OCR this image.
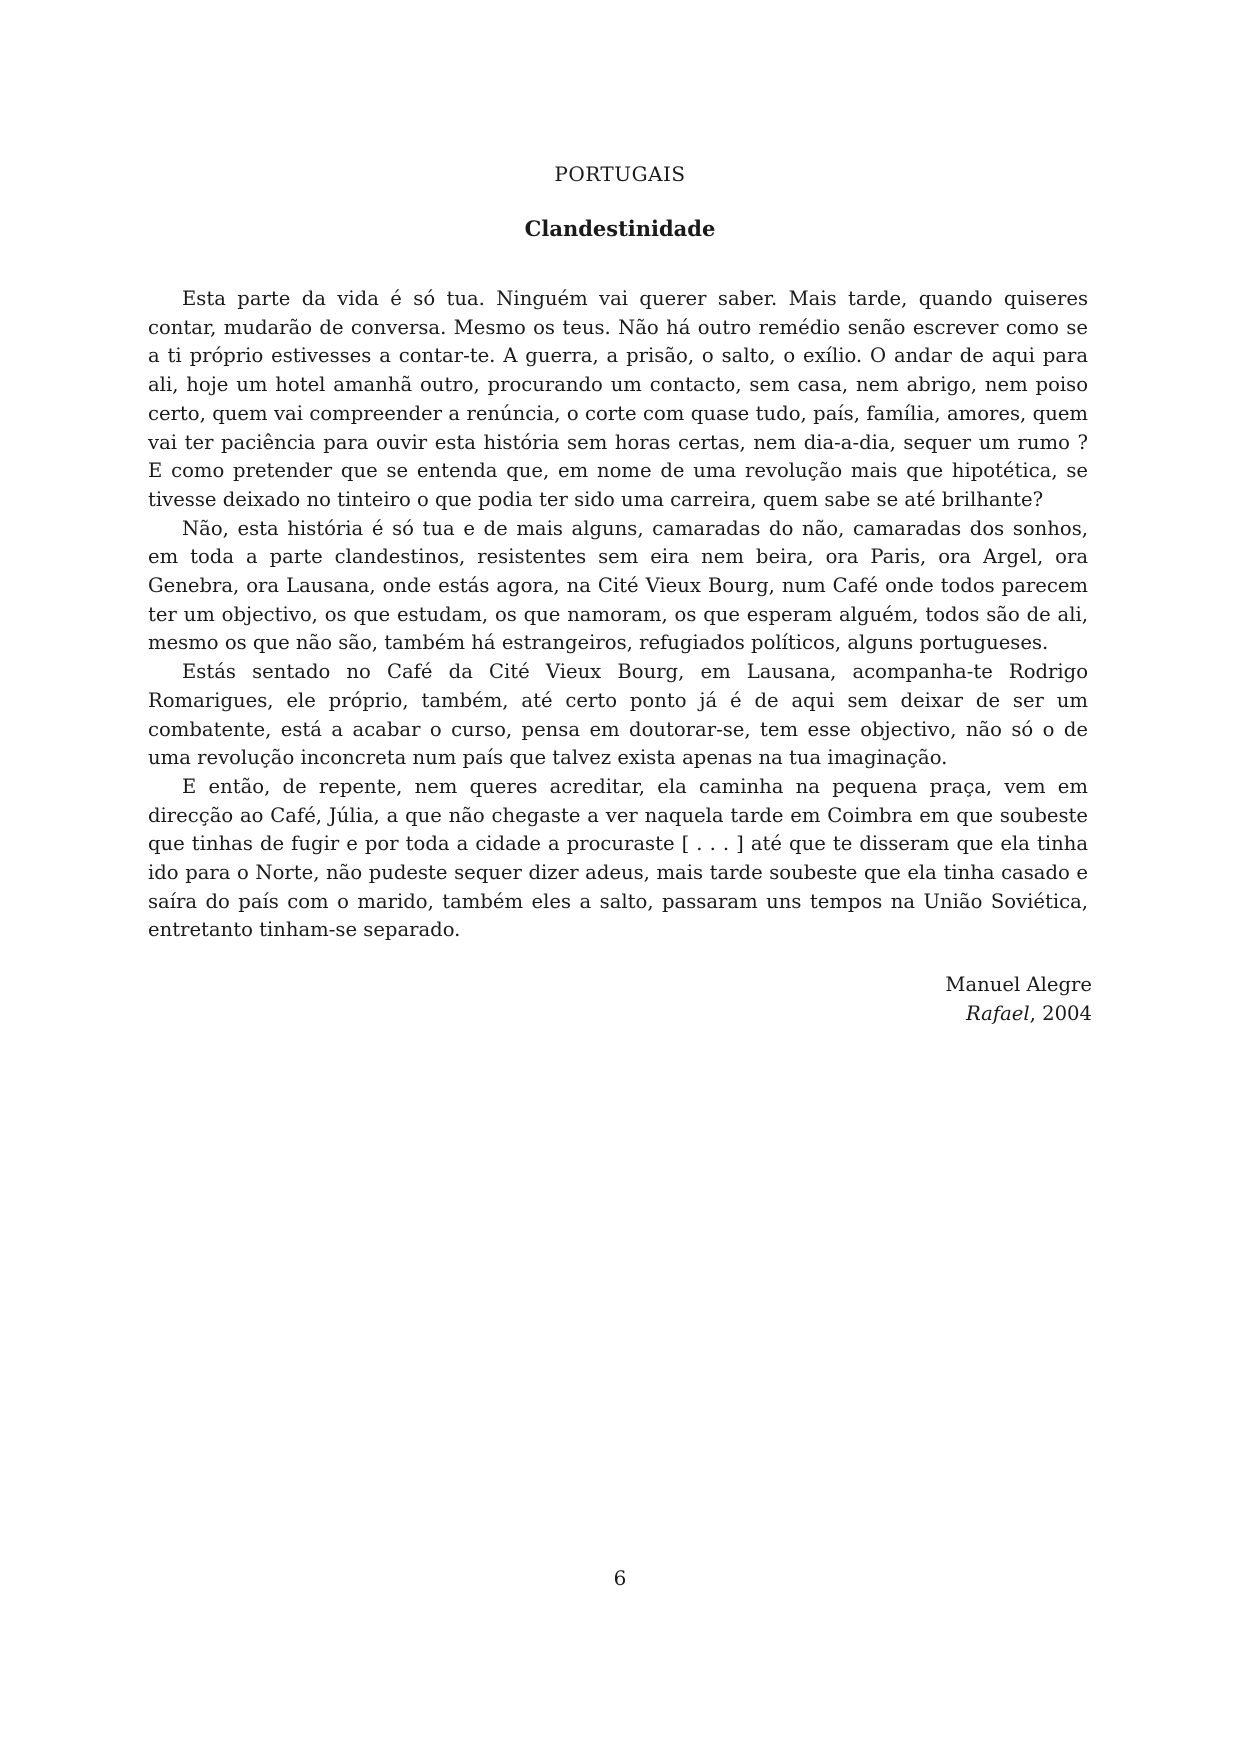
PORTUGAIS
Clandestinidade

Esta parte da vida é só tua. Ninguém vai querer saber. Mais tarde, quando quiseres contar, mudarão de conversa. Mesmo os teus. Não há outro remédio senão escrever como se a ti próprio estivesses a contar-te. A guerra, a prisão, o salto, o exílio. O andar de aqui para ali, hoje um hotel amanhã outro, procurando um contacto, sem casa, nem abrigo, nem poiso certo, quem vai compreender a renúncia, o corte com quase tudo, país, família, amores, quem vai ter paciência para ouvir esta história sem horas certas, nem dia-a-dia, sequer um rumo ? E como pretender que se entenda que, em nome de uma revolução mais que hipotética, se tivesse deixado no tinteiro o que podia ter sido uma carreira, quem sabe se até brilhante?

Não, esta história é só tua e de mais alguns, camaradas do não, camaradas dos sonhos, em toda a parte clandestinos, resistentes sem eira nem beira, ora Paris, ora Argel, ora Genebra, ora Lausana, onde estás agora, na Cité Vieux Bourg, num Café onde todos parecem ter um objectivo, os que estudam, os que namoram, os que esperam alguém, todos são de ali, mesmo os que não são, também há estrangeiros, refugiados políticos, alguns portugueses.

Estás sentado no Café da Cité Vieux Bourg, em Lausana, acompanha-te Rodrigo Romarigues, ele próprio, também, até certo ponto já é de aqui sem deixar de ser um combatente, está a acabar o curso, pensa em doutorar-se, tem esse objectivo, não só o de uma revolução inconcreta num país que talvez exista apenas na tua imaginação.

E então, de repente, nem queres acreditar, ela caminha na pequena praça, vem em direcção ao Café, Júlia, a que não chegaste a ver naquela tarde em Coimbra em que soubeste que tinhas de fugir e por toda a cidade a procuraste [ . . . ] até que te disseram que ela tinha ido para o Norte, não pudeste sequer dizer adeus, mais tarde soubeste que ela tinha casado e saíra do país com o marido, também eles a salto, passaram uns tempos na União Soviética, entretanto tinham-se separado.

Manuel Alegre
Rafael, 2004
6
